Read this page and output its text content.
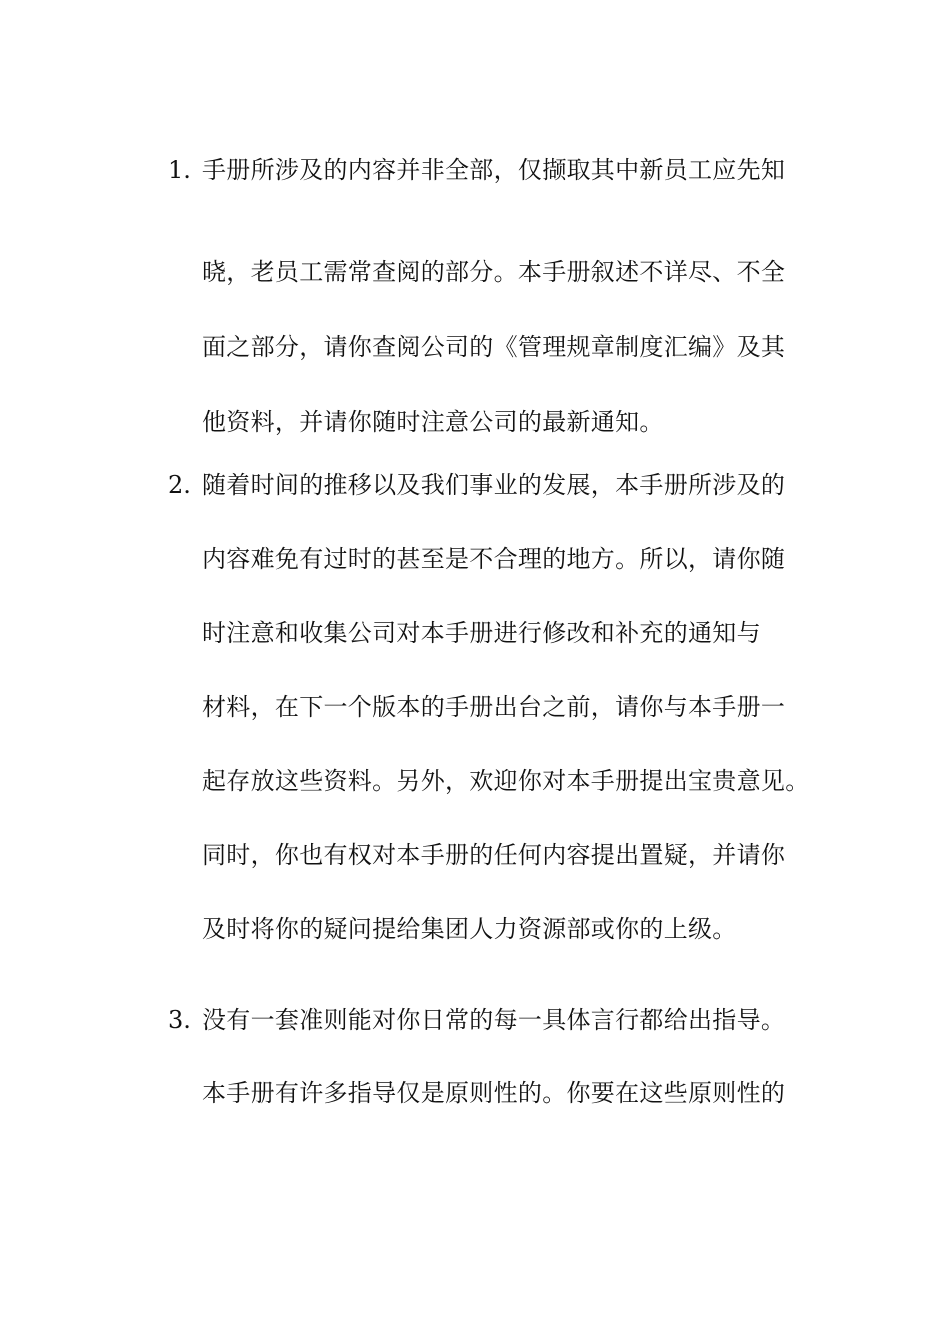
1. 手册所涉及的内容并非全部，仅撷取其中新员工应先知
晓，老员工需常查阅的部分。本手册叙述不详尽、不全
面之部分，请你查阅公司的《管理规章制度汇编》及其
他资料，并请你随时注意公司的最新通知。
2. 随着时间的推移以及我们事业的发展，本手册所涉及的
内容难免有过时的甚至是不合理的地方。所以，请你随
时注意和收集公司对本手册进行修改和补充的通知与
材料，在下一个版本的手册出台之前，请你与本手册一
起存放这些资料。另外，欢迎你对本手册提出宝贵意见。
同时，你也有权对本手册的任何内容提出置疑，并请你
及时将你的疑问提给集团人力资源部或你的上级。
3. 没有一套准则能对你日常的每一具体言行都给出指导。
本手册有许多指导仅是原则性的。你要在这些原则性的
